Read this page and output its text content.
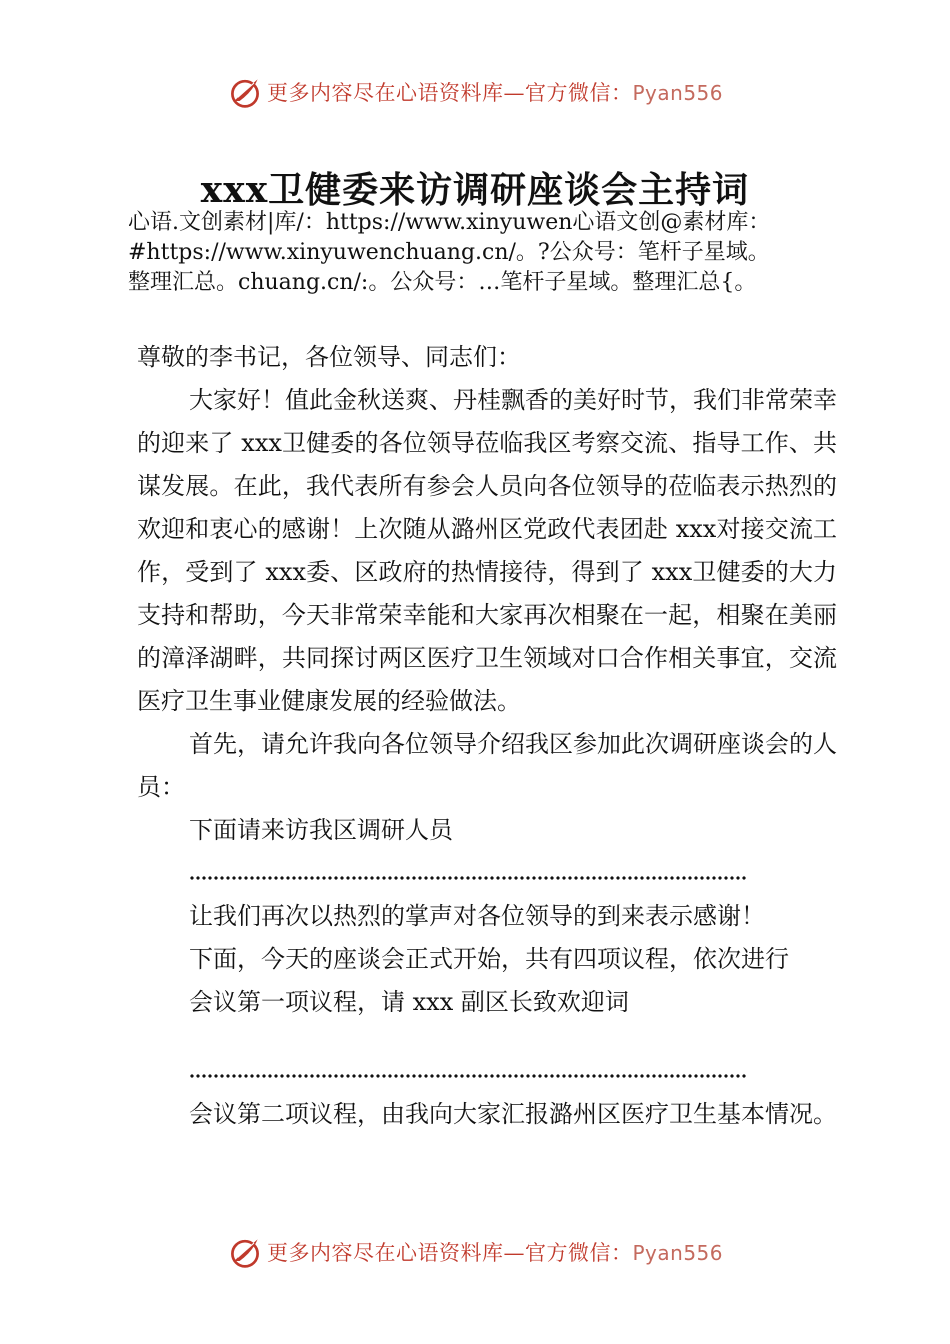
更多内容尽在心语资料库—官方微信：Pyan556
xxx卫健委来访调研座谈会主持词
心语.文创素材|库/：https://www.xinyuwen心语文创@素材库：
#https://www.xinyuwenchuang.cn/。?公众号：笔杆子星域。
整理汇总。chuang.cn/:。公众号：…笔杆子星域。整理汇总{。

尊敬的李书记，各位领导、同志们：

大家好！值此金秋送爽、丹桂飘香的美好时节，我们非常荣幸的迎来了 xxx卫健委的各位领导莅临我区考察交流、指导工作、共谋发展。在此，我代表所有参会人员向各位领导的莅临表示热烈的欢迎和衷心的感谢！上次随从潞州区党政代表团赴 xxx对接交流工作，受到了 xxx委、区政府的热情接待，得到了 xxx卫健委的大力支持和帮助，今天非常荣幸能和大家再次相聚在一起，相聚在美丽的漳泽湖畔，共同探讨两区医疗卫生领域对口合作相关事宜，交流医疗卫生事业健康发展的经验做法。

首先，请允许我向各位领导介绍我区参加此次调研座谈会的人员：

下面请来访我区调研人员
让我们再次以热烈的掌声对各位领导的到来表示感谢！
下面，今天的座谈会正式开始，共有四项议程，依次进行
会议第一项议程，请 xxx 副区长致欢迎词

会议第二项议程，由我向大家汇报潞州区医疗卫生基本情况。

更多内容尽在心语资料库—官方微信：Pyan556
